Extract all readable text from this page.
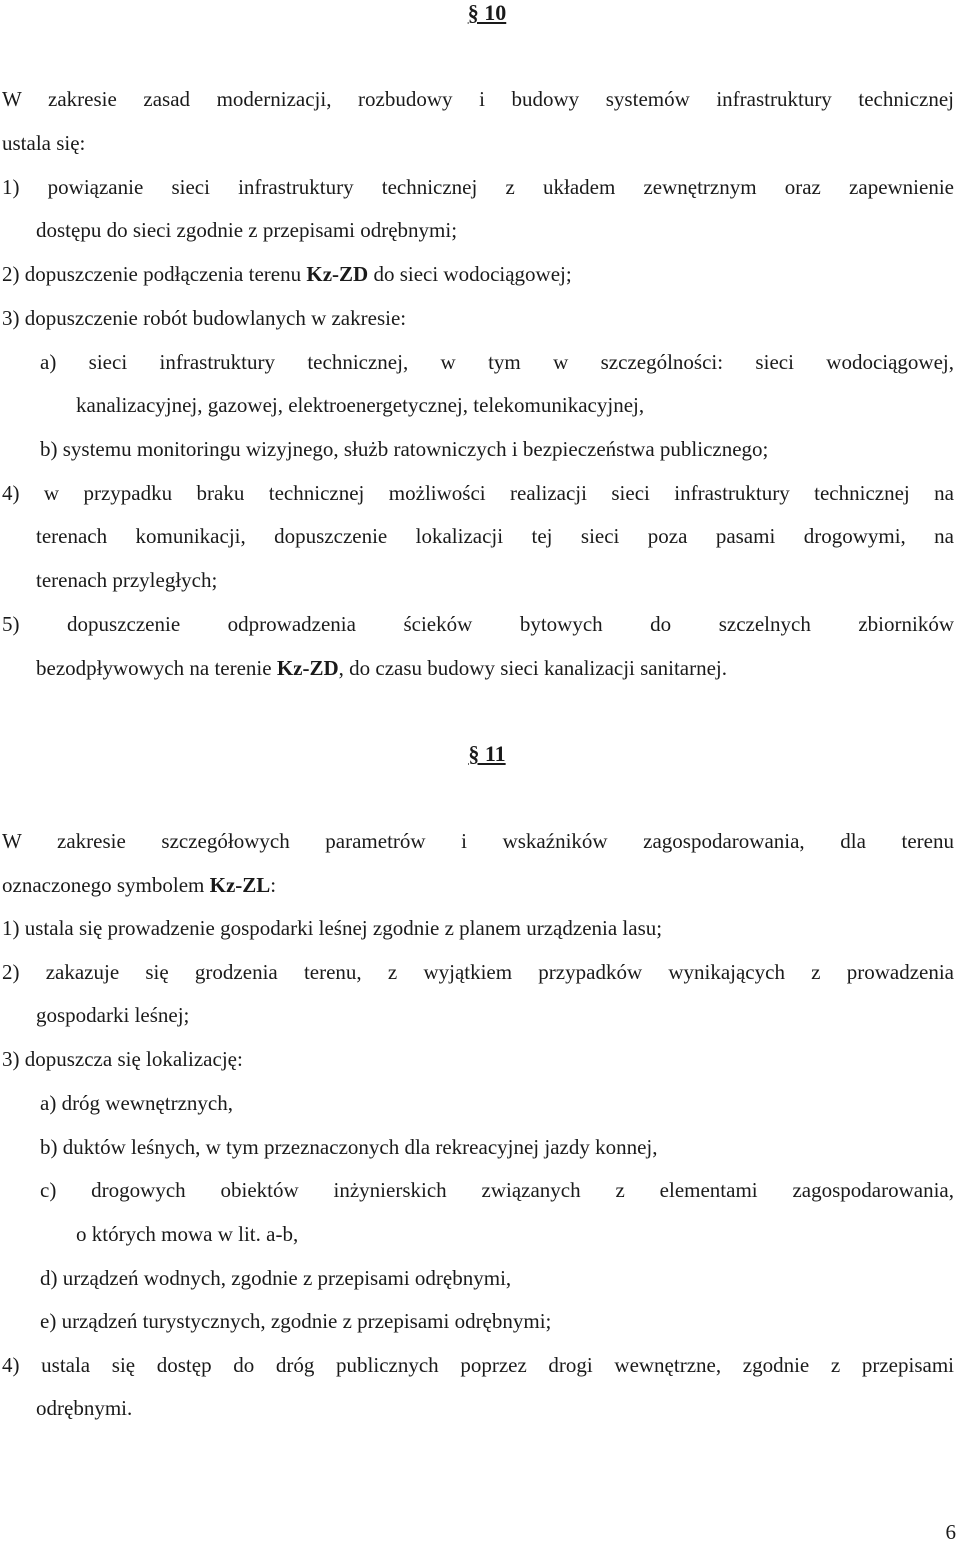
§ 10
W zakresie zasad modernizacji, rozbudowy i budowy systemów infrastruktury technicznej
ustala się:
1) powiązanie sieci infrastruktury technicznej z układem zewnętrznym oraz zapewnienie
dostępu do sieci zgodnie z przepisami odrębnymi;
2) dopuszczenie podłączenia terenu Kz-ZD do sieci wodociągowej;
3) dopuszczenie robót budowlanych w zakresie:
a) sieci infrastruktury technicznej, w tym w szczególności: sieci wodociągowej,
kanalizacyjnej, gazowej, elektroenergetycznej, telekomunikacyjnej,
b) systemu monitoringu wizyjnego, służb ratowniczych i bezpieczeństwa publicznego;
4) w przypadku braku technicznej możliwości realizacji sieci infrastruktury technicznej na
terenach komunikacji, dopuszczenie lokalizacji tej sieci poza pasami drogowymi, na
terenach przyległych;
5) dopuszczenie odprowadzenia ścieków bytowych do szczelnych zbiorników
bezodpływowych na terenie Kz-ZD, do czasu budowy sieci kanalizacji sanitarnej.
§ 11
W zakresie szczegółowych parametrów i wskaźników zagospodarowania, dla terenu
oznaczonego symbolem Kz-ZL:
1) ustala się prowadzenie gospodarki leśnej zgodnie z planem urządzenia lasu;
2) zakazuje się grodzenia terenu, z wyjątkiem przypadków wynikających z prowadzenia
gospodarki leśnej;
3) dopuszcza się lokalizację:
a) dróg wewnętrznych,
b) duktów leśnych, w tym przeznaczonych dla rekreacyjnej jazdy konnej,
c) drogowych obiektów inżynierskich związanych z elementami zagospodarowania,
o których mowa w lit. a-b,
d) urządzeń wodnych, zgodnie z przepisami odrębnymi,
e) urządzeń turystycznych, zgodnie z przepisami odrębnymi;
4) ustala się dostęp do dróg publicznych poprzez drogi wewnętrzne, zgodnie z przepisami
odrębnymi.
6
